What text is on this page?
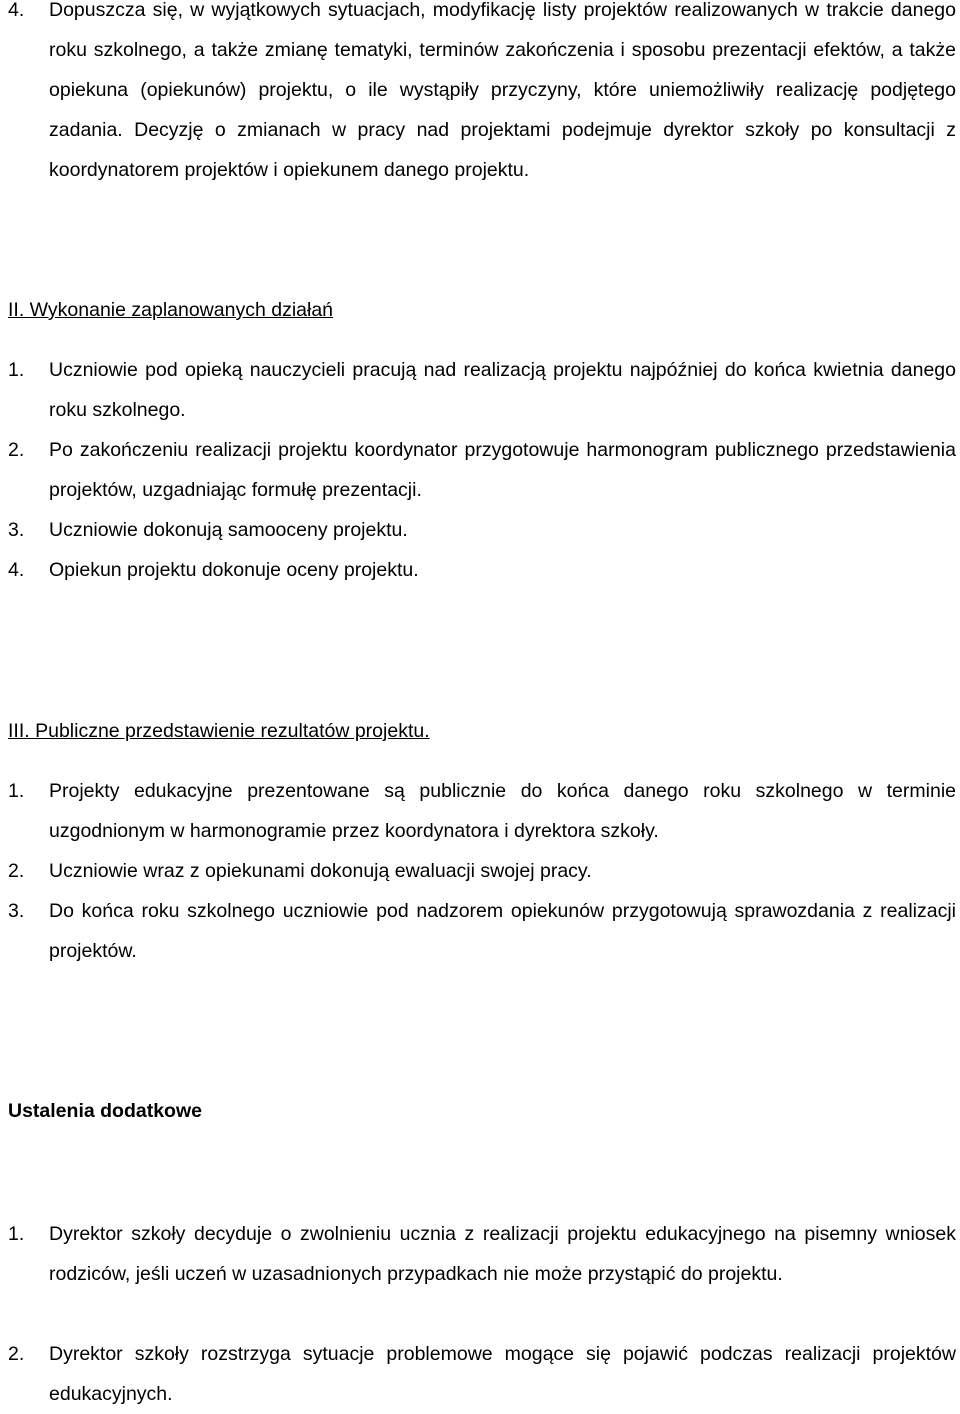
4. Dopuszcza się, w wyjątkowych sytuacjach, modyfikację listy projektów realizowanych w trakcie danego roku szkolnego, a także zmianę tematyki, terminów zakończenia i sposobu prezentacji efektów, a także opiekuna (opiekunów) projektu, o ile wystąpiły przyczyny, które uniemożliwiły realizację podjętego zadania. Decyzję o zmianach w pracy nad projektami podejmuje dyrektor szkoły po konsultacji z koordynatorem projektów i opiekunem danego projektu.
II. Wykonanie zaplanowanych działań
1. Uczniowie pod opieką nauczycieli pracują nad realizacją projektu najpóźniej do końca kwietnia danego roku szkolnego.
2. Po zakończeniu realizacji projektu koordynator przygotowuje harmonogram publicznego przedstawienia projektów, uzgadniając formułę prezentacji.
3. Uczniowie dokonują samooceny projektu.
4. Opiekun projektu dokonuje oceny projektu.
III. Publiczne przedstawienie rezultatów projektu.
1. Projekty edukacyjne prezentowane są publicznie do końca danego roku szkolnego w terminie uzgodnionym w harmonogramie przez koordynatora i dyrektora szkoły.
2. Uczniowie wraz z opiekunami dokonują ewaluacji swojej pracy.
3. Do końca roku szkolnego uczniowie pod nadzorem opiekunów przygotowują sprawozdania z realizacji projektów.
Ustalenia dodatkowe
1. Dyrektor szkoły decyduje o zwolnieniu ucznia z realizacji projektu edukacyjnego na pisemny wniosek rodziców, jeśli uczeń w uzasadnionych przypadkach nie może przystąpić do projektu.
2. Dyrektor szkoły rozstrzyga sytuacje problemowe mogące się pojawić podczas realizacji projektów edukacyjnych.
